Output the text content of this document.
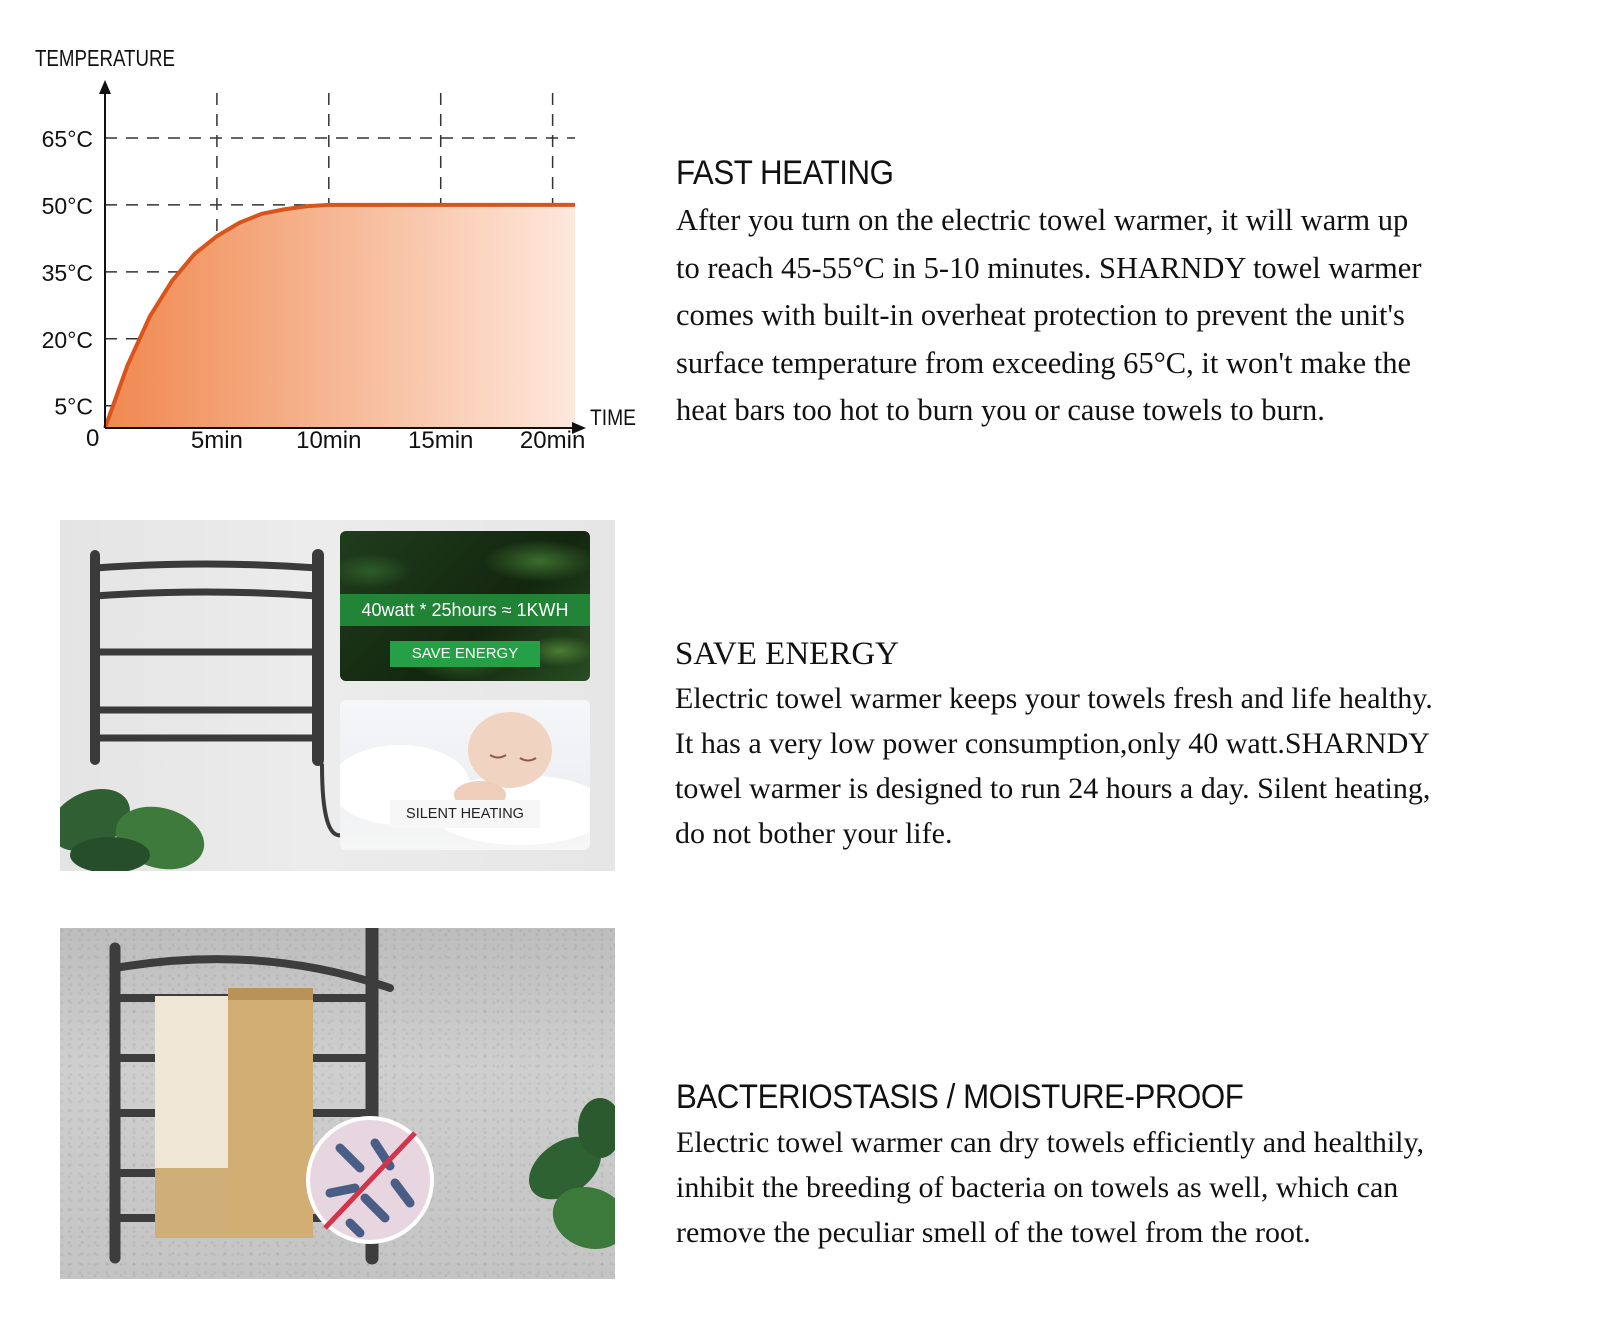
TEMPERATURE
TIME
0
5°C
20°C
35°C
50°C
65°C
5min 10min 15min 20min
FAST HEATING

After you turn on the electric towel warmer, it will warm up

to reach 45-55°C in 5-10 minutes. SHARNDY towel warmer

comes with built-in overheat protection to prevent the unit's

surface temperature from exceeding 65°C, it won't make the

heat bars too hot to burn you or cause towels to burn.

40watt * 25hours ≈ 1KWH
SAVE ENERGY
SILENT HEATING
SAVE ENERGY

Electric towel warmer keeps your towels fresh and life healthy.

It has a very low power consumption,only 40 watt.SHARNDY

towel warmer is designed to run 24 hours a day. Silent heating,

do not bother your life.

BACTERIOSTASIS / MOISTURE-PROOF

Electric towel warmer can dry towels efficiently and healthily,

inhibit the breeding of bacteria on towels as well, which can

remove the peculiar smell of the towel from the root.
